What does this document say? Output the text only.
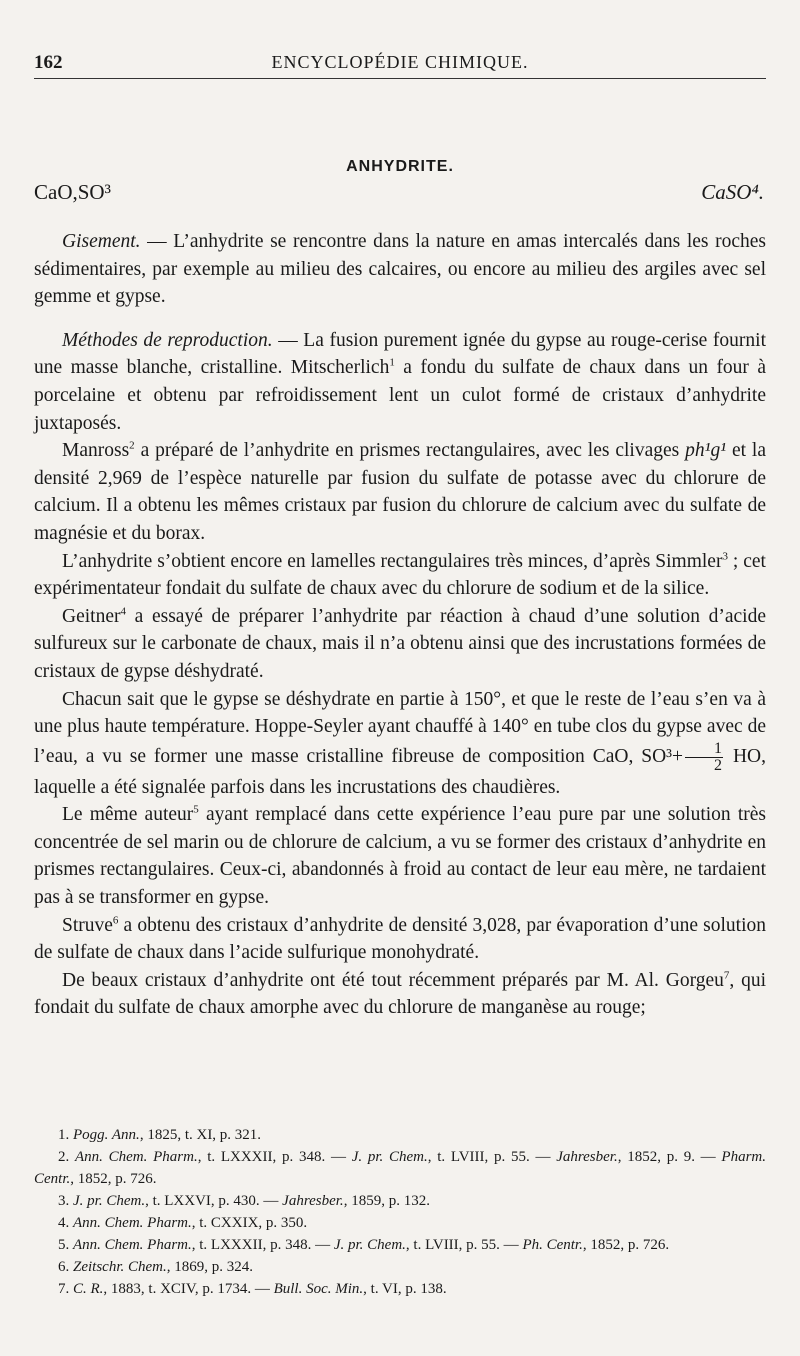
162	ENCYCLOPÉDIE CHIMIQUE.
ANHYDRITE.
CaO,SO³	CaSO⁴.

Gisement. — L’anhydrite se rencontre dans la nature en amas intercalés dans les roches sédimentaires, par exemple au milieu des calcaires, ou encore au milieu des argiles avec sel gemme et gypse.

Méthodes de reproduction. — La fusion purement ignée du gypse au rouge-cerise fournit une masse blanche, cristalline. Mitscherlich$^1$ a fondu du sulfate de chaux dans un four à porcelaine et obtenu par refroidissement lent un culot formé de cristaux d’anhydrite juxtaposés.

Manross$^2$ a préparé de l’anhydrite en prismes rectangulaires, avec les clivages ph¹g¹ et la densité 2,969 de l’espèce naturelle par fusion du sulfate de potasse avec du chlorure de calcium. Il a obtenu les mêmes cristaux par fusion du chlorure de calcium avec du sulfate de magnésie et du borax.

L’anhydrite s’obtient encore en lamelles rectangulaires très minces, d’après Simmler$^3$ ; cet expérimentateur fondait du sulfate de chaux avec du chlorure de sodium et de la silice.

Geitner$^4$ a essayé de préparer l’anhydrite par réaction à chaud d’une solution d’acide sulfureux sur le carbonate de chaux, mais il n’a obtenu ainsi que des incrustations formées de cristaux de gypse déshydraté.

Chacun sait que le gypse se déshydrate en partie à 150°, et que le reste de l’eau s’en va à une plus haute température. Hoppe-Seyler ayant chauffé à 140° en tube clos du gypse avec de l’eau, a vu se former une masse cristalline fibreuse de composition CaO, $SO^3+ \frac{1}{2}$ HO, laquelle a été signalée parfois dans les incrustations des chaudières.

Le même auteur$^5$ ayant remplacé dans cette expérience l’eau pure par une solution très concentrée de sel marin ou de chlorure de calcium, a vu se former des cristaux d’anhydrite en prismes rectangulaires. Ceux-ci, abandonnés à froid au contact de leur eau mère, ne tardaient pas à se transformer en gypse.

Struve$^6$ a obtenu des cristaux d’anhydrite de densité 3,028, par évaporation d’une solution de sulfate de chaux dans l’acide sulfurique monohydraté.

De beaux cristaux d’anhydrite ont été tout récemment préparés par M. Al. Gorgeu$^7$, qui fondait du sulfate de chaux amorphe avec du chlorure de manganèse au rouge;

1. Pogg. Ann., 1825, t. XI, p. 321.

2. Ann. Chem. Pharm., t. LXXXII, p. 348. — J. pr. Chem., t. LVIII, p. 55. — Jahresber., 1852, p. 9. — Pharm. Centr., 1852, p. 726.

3. J. pr. Chem., t. LXXVI, p. 430. — Jahresber., 1859, p. 132.

4. Ann. Chem. Pharm., t. CXXIX, p. 350.

5. Ann. Chem. Pharm., t. LXXXII, p. 348. — J. pr. Chem., t. LVIII, p. 55. — Ph. Centr., 1852, p. 726.

6. Zeitschr. Chem., 1869, p. 324.

7. C. R., 1883, t. XCIV, p. 1734. — Bull. Soc. Min., t. VI, p. 138.
